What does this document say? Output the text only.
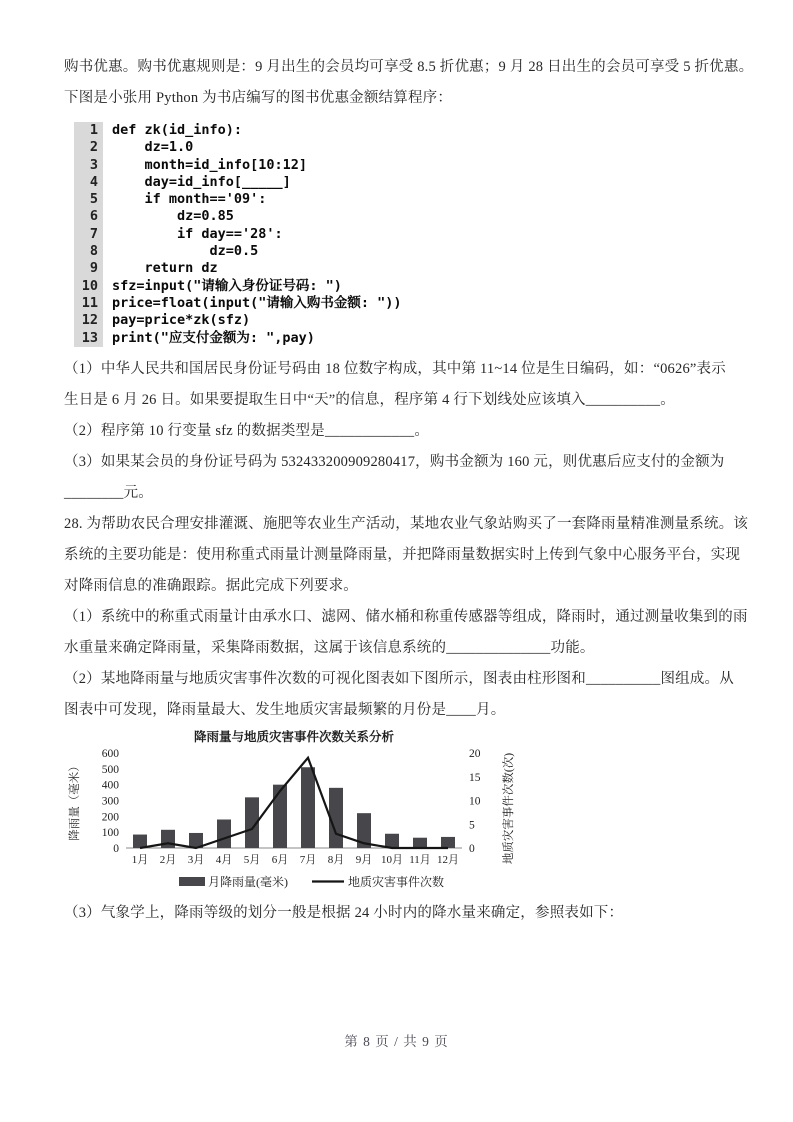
购书优惠。购书优惠规则是：9 月出生的会员均可享受 8.5 折优惠；9 月 28 日出生的会员可享受 5 折优惠。
下图是小张用 Python 为书店编写的图书优惠金额结算程序：
1	def zk(id_info):
2	dz=1.0
3	month=id_info[10:12]
4	day=id_info[_____]
5	if month=='09':
6	dz=0.85
7	if day=='28':
8	dz=0.5
9	return dz
10	sfz=input("请输入身份证号码: ")
11	price=float(input("请输入购书金额: "))
12	pay=price*zk(sfz)
13	print("应支付金额为: ",pay)
（1）中华人民共和国居民身份证号码由 18 位数字构成，其中第 11~14 位是生日编码，如：“0626”表示
生日是 6 月 26 日。如果要提取生日中“天”的信息，程序第 4 行下划线处应该填入__________。
（2）程序第 10 行变量 sfz 的数据类型是____________。
（3）如果某会员的身份证号码为 532433200909280417，购书金额为 160 元，则优惠后应支付的金额为
________元。
28. 为帮助农民合理安排灌溉、施肥等农业生产活动，某地农业气象站购买了一套降雨量精准测量系统。该
系统的主要功能是：使用称重式雨量计测量降雨量，并把降雨量数据实时上传到气象中心服务平台，实现
对降雨信息的准确跟踪。据此完成下列要求。
（1）系统中的称重式雨量计由承水口、滤网、储水桶和称重传感器等组成，降雨时，通过测量收集到的雨
水重量来确定降雨量，采集降雨数据，这属于该信息系统的______________功能。
（2）某地降雨量与地质灾害事件次数的可视化图表如下图所示，图表由柱形图和__________图组成。从
图表中可发现，降雨量最大、发生地质灾害最频繁的月份是____月。
降雨量与地质灾害事件次数关系分析
0
100
200
300
400
500
600
0
5
10
15
20
降雨量（毫米）	地质灾害事件次数(次)
1月 2月 3月 4月 5月 6月 7月 8月 9月 10月 11月 12月
月降雨量(毫米)	地质灾害事件次数
（3）气象学上，降雨等级的划分一般是根据 24 小时内的降水量来确定，参照表如下：
第 8 页 / 共 9 页
